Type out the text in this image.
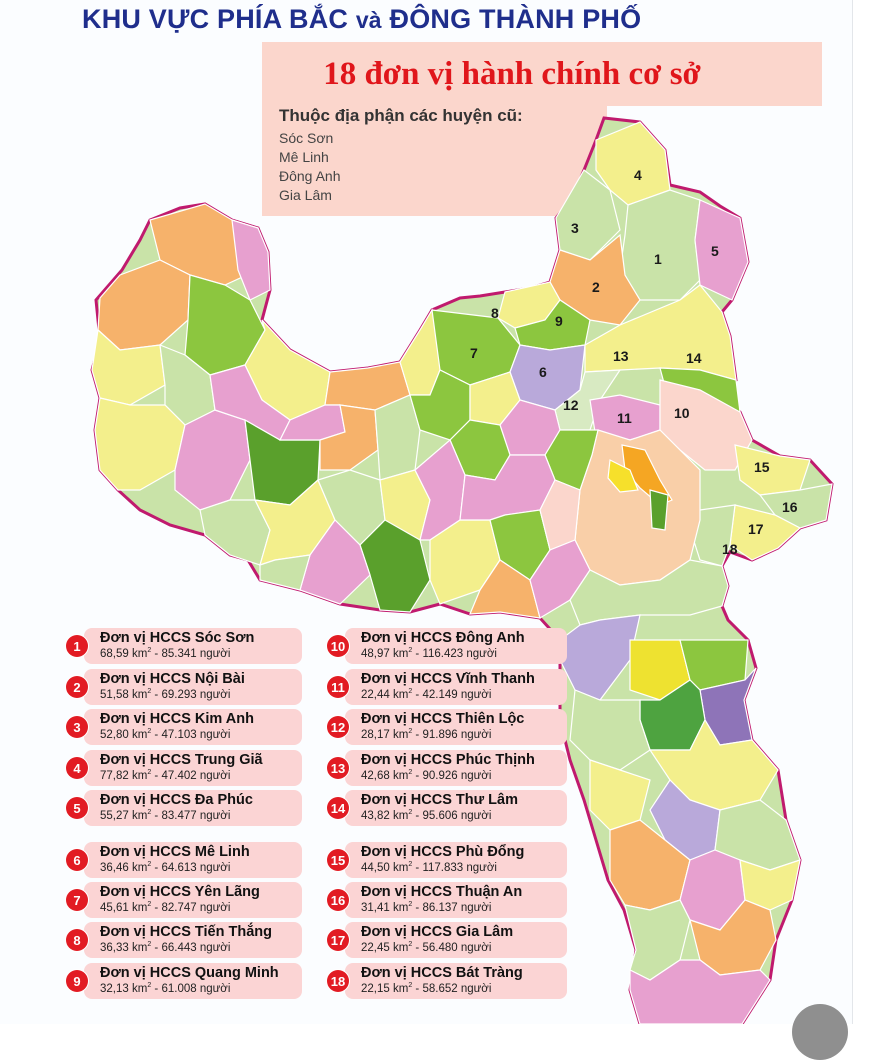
KHU VỰC PHÍA BẮC và ĐÔNG THÀNH PHỐ
18 đơn vị hành chính cơ sở
Thuộc địa phận các huyện cũ:
Sóc Sơn
Mê Linh
Đông Anh
Gia Lâm
1
2
3
4
5
6
7
8	9
10
11
12
13	14
15
16
17
18
1	Đơn vị HCCS Sóc Sơn
68,59 $km^2 - 85.341$ người
2	Đơn vị HCCS Nội Bài
51,58 $km^2 - 69.293$ người
3	Đơn vị HCCS Kim Anh
52,80 $km^2 - 47.103$ người
4	Đơn vị HCCS Trung Giã
77,82 $km^2 - 47.402$ người
5	Đơn vị HCCS Đa Phúc
55,27 $km^2 - 83.477$ người
6	Đơn vị HCCS Mê Linh
36,46 $km^2 - 64.613$ người
7	Đơn vị HCCS Yên Lãng
45,61 $km^2 - 82.747$ người
8	Đơn vị HCCS Tiến Thắng
36,33 $km^2 - 66.443$ người
9	Đơn vị HCCS Quang Minh
32,13 $km^2 - 61.008$ người
10 Đơn vị HCCS Đông Anh
48,97 $km^2 - 116.423$ người
11 Đơn vị HCCS Vĩnh Thanh
22,44 $km^2 - 42.149$ người
12 Đơn vị HCCS Thiên Lộc
28,17 $km^2 - 91.896$ người
13 Đơn vị HCCS Phúc Thịnh
42,68 $km^2 - 90.926$ người
14 Đơn vị HCCS Thư Lâm
43,82 $km^2 - 95.606$ người
15 Đơn vị HCCS Phù Đổng
44,50 $km^2 - 117.833$ người
16 Đơn vị HCCS Thuận An
31,41 $km^2 - 86.137$ người
17 Đơn vị HCCS Gia Lâm
22,45 $km^2 - 56.480$ người
18 Đơn vị HCCS Bát Tràng
22,15 $km^2 - 58.652$ người
